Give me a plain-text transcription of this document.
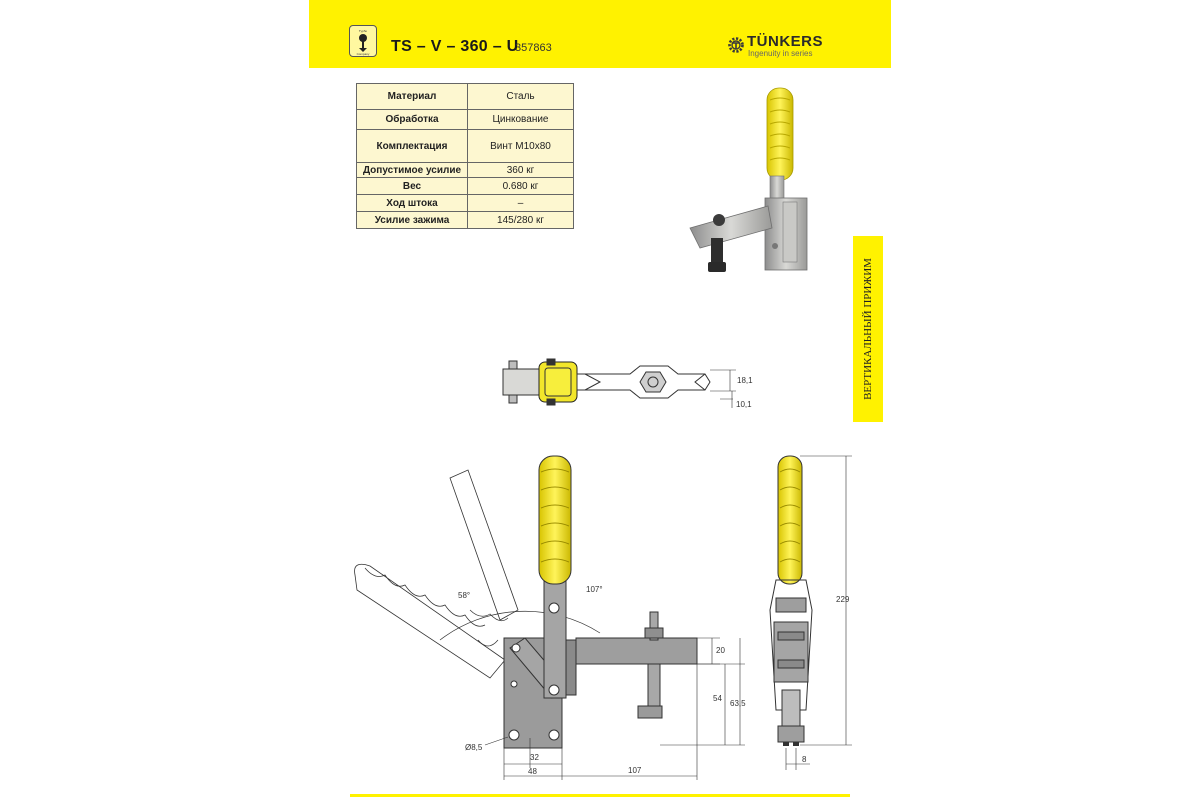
Турбо
Company TS – V – 360 – U
357863	TÜNKERS
Ingenuity in series
Материал	Сталь
Обработка	Цинкование
Комплектация	Винт М10х80
Допустимое усилие	360 кг
Вес	0.680 кг
Ход штока	–
Усилие зажима	145/280 кг
ВЕРТИКАЛЬНЫЙ ПРИЖИМ
18,1
10,1
58°
107°
20
54
63,5
32
48	107
Ø8,5
229
8
